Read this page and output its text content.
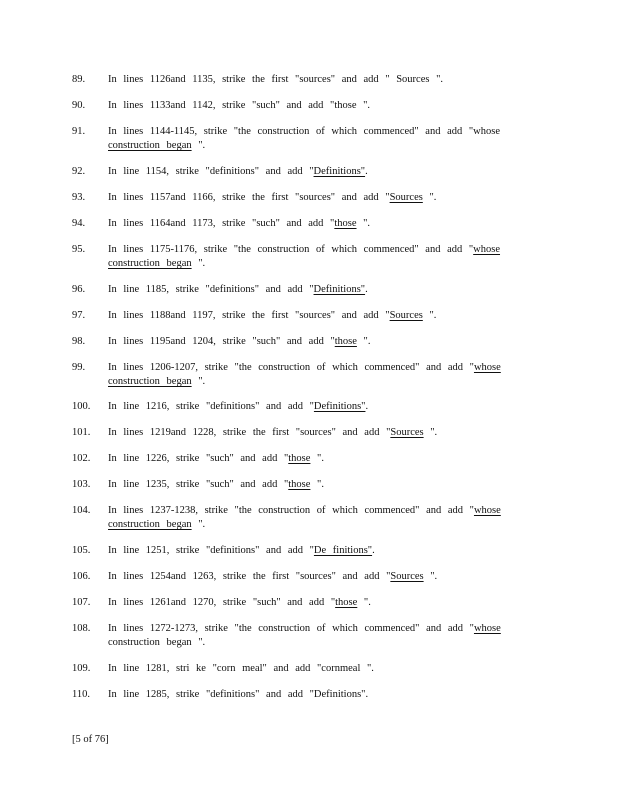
89.	In lines 1126and 1135, strike the first "sources" and add " Sources ".
90.	In lines 1133and 1142, strike "such" and add "those ".
91.	In lines 1144-1145, strike "the construction of which commenced" and add "whose construction began ".
92.	In line 1154, strike "definitions" and add "Definitions".
93.	In lines 1157and 1166, strike the first "sources" and add "Sources ".
94.	In lines 1164and 1173, strike "such" and add "those ".
95.	In lines 1175-1176, strike "the construction of which commenced" and add "whose construction began ".
96.	In line 1185, strike "definitions" and add "Definitions".
97.	In lines 1188and 1197, strike the first "sources" and add "Sources ".
98.	In lines 1195and 1204, strike "such" and add "those ".
99.	In lines 1206-1207, strike "the construction of which commenced" and add "whose construction began ".
100.	In line 1216, strike "definitions" and add "Definitions".
101.	In lines 1219and 1228, strike the first "sources" and add "Sources ".
102.	In line 1226, strike "such" and add "those ".
103.	In line 1235, strike "such" and add "those ".
104.	In lines 1237-1238, strike "the construction of which commenced" and add "whose construction began ".
105.	In line 1251, strike "definitions" and add "De finitions".
106.	In lines 1254and 1263, strike the first "sources" and add "Sources ".
107.	In lines 1261and 1270, strike "such" and add "those ".
108.	In lines 1272-1273, strike "the construction of which commenced" and add "whose construction began ".
109.	In line 1281, stri ke "corn meal" and add "cornmeal ".
110.	In line 1285, strike "definitions" and add "Definitions".
[5 of 76]
